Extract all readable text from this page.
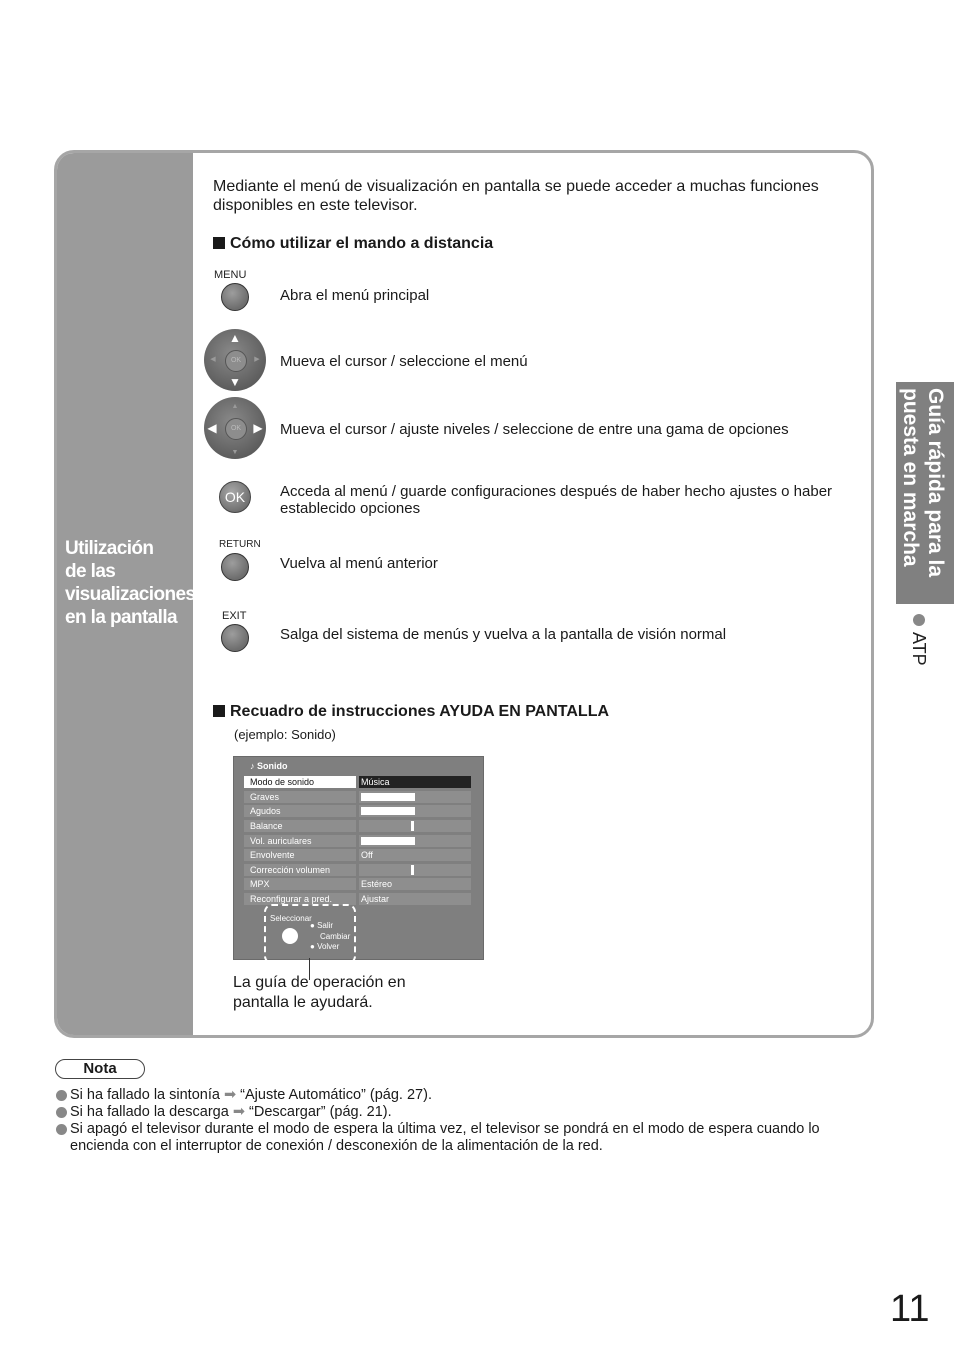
Utilización
de las
visualizaciones
en la pantalla
Mediante el menú de visualización en pantalla se puede acceder a muchas funciones disponibles en este televisor.
Cómo utilizar el mando a distancia
MENU
Abra el menú principal
▲
▼
◀	▶
OK	Mueva el cursor / seleccione el menú
▲
▼
◀	▶
OK	Mueva el cursor / ajuste niveles / seleccione de entre una gama de opciones
OK	Acceda al menú / guarde configuraciones después de haber hecho ajustes o haber establecido opciones
RETURN
Vuelva al menú anterior
EXIT
Salga del sistema de menús y vuelva a la pantalla de visión normal
Recuadro de instrucciones AYUDA EN PANTALLA
(ejemplo: Sonido)
♪ Sonido
Modo de sonido	Música
Graves
Agudos
Balance
Vol. auriculares
Envolvente	Off
Corrección volumen
MPX	Estéreo
Reconfigurar a pred.	Ajustar
Seleccionar
● Salir
Cambiar
● Volver
La guía de operación en
pantalla le ayudará.
Guía rápida para la puesta en marcha
ATP
Nota
Si ha fallado la sintonía ➡ “Ajuste Automático” (pág. 27).
Si ha fallado la descarga ➡ “Descargar” (pág. 21).
Si apagó el televisor durante el modo de espera la última vez, el televisor se pondrá en el modo de espera cuando lo encienda con el interruptor de conexión / desconexión de la alimentación de la red.
11
